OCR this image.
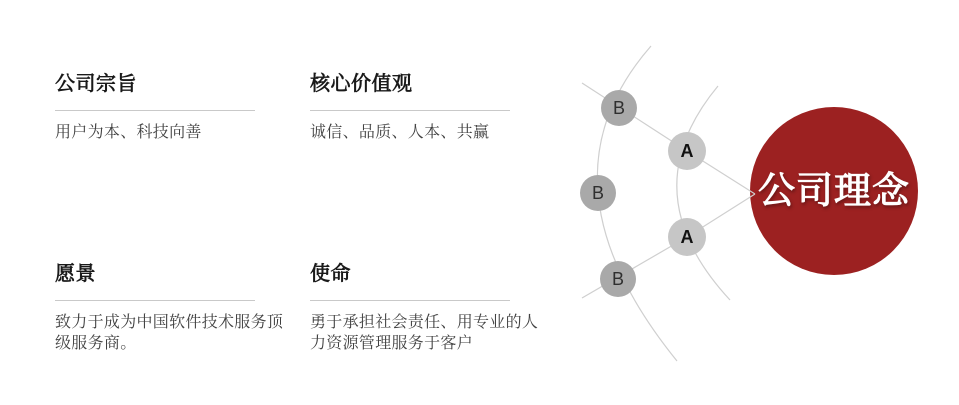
公司宗旨

用户为本、科技向善

核心价值观

诚信、品质、人本、共赢

愿景

致力于成为中国软件技术服务顶级服务商。

使命

勇于承担社会责任、用专业的人力资源管理服务于客户

B
A
B
A
B
公司理念
